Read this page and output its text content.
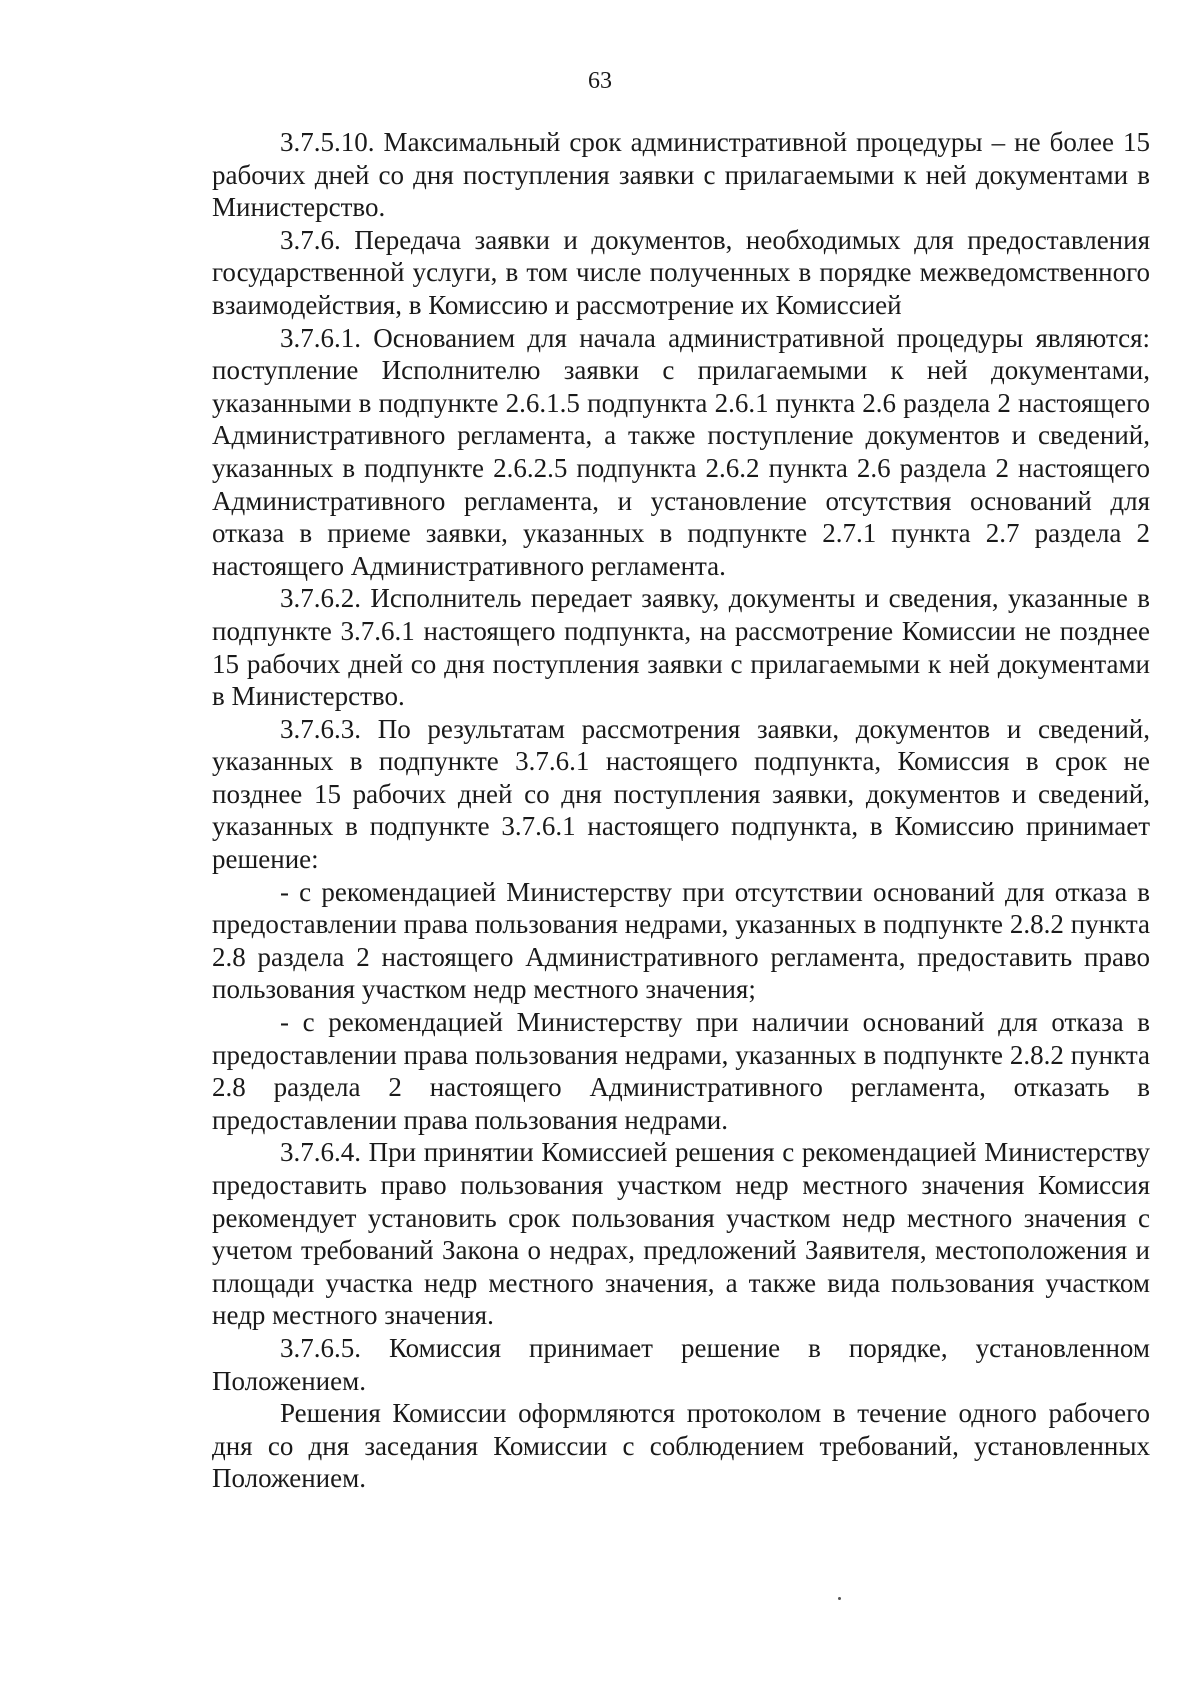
63

3.7.5.10. Максимальный срок административной процедуры – не более 15 рабочих дней со дня поступления заявки с прилагаемыми к ней документами в Министерство.

3.7.6. Передача заявки и документов, необходимых для предоставления государственной услуги, в том числе полученных в порядке межведомственного взаимодействия, в Комиссию и рассмотрение их Комиссией

3.7.6.1. Основанием для начала административной процедуры являются: поступление Исполнителю заявки с прилагаемыми к ней документами, указанными в подпункте 2.6.1.5 подпункта 2.6.1 пункта 2.6 раздела 2 настоящего Административного регламента, а также поступление документов и сведений, указанных в подпункте 2.6.2.5 подпункта 2.6.2 пункта 2.6 раздела 2 настоящего Административного регламента, и установление отсутствия оснований для отказа в приеме заявки, указанных в подпункте 2.7.1 пункта 2.7 раздела 2 настоящего Административного регламента.

3.7.6.2. Исполнитель передает заявку, документы и сведения, указанные в подпункте 3.7.6.1 настоящего подпункта, на рассмотрение Комиссии не позднее 15 рабочих дней со дня поступления заявки с прилагаемыми к ней документами в Министерство.

3.7.6.3. По результатам рассмотрения заявки, документов и сведений, указанных в подпункте 3.7.6.1 настоящего подпункта, Комиссия в срок не позднее 15 рабочих дней со дня поступления заявки, документов и сведений, указанных в подпункте 3.7.6.1 настоящего подпункта, в Комиссию принимает решение:

- с рекомендацией Министерству при отсутствии оснований для отказа в предоставлении права пользования недрами, указанных в подпункте 2.8.2 пункта 2.8 раздела 2 настоящего Административного регламента, предоставить право пользования участком недр местного значения;

- с рекомендацией Министерству при наличии оснований для отказа в предоставлении права пользования недрами, указанных в подпункте 2.8.2 пункта 2.8 раздела 2 настоящего Административного регламента, отказать в предоставлении права пользования недрами.

3.7.6.4. При принятии Комиссией решения с рекомендацией Министерству предоставить право пользования участком недр местного значения Комиссия рекомендует установить срок пользования участком недр местного значения с учетом требований Закона о недрах, предложений Заявителя, местоположения и площади участка недр местного значения, а также вида пользования участком недр местного значения.

3.7.6.5. Комиссия принимает решение в порядке, установленном Положением.

Решения Комиссии оформляются протоколом в течение одного рабочего дня со дня заседания Комиссии с соблюдением требований, установленных Положением.
